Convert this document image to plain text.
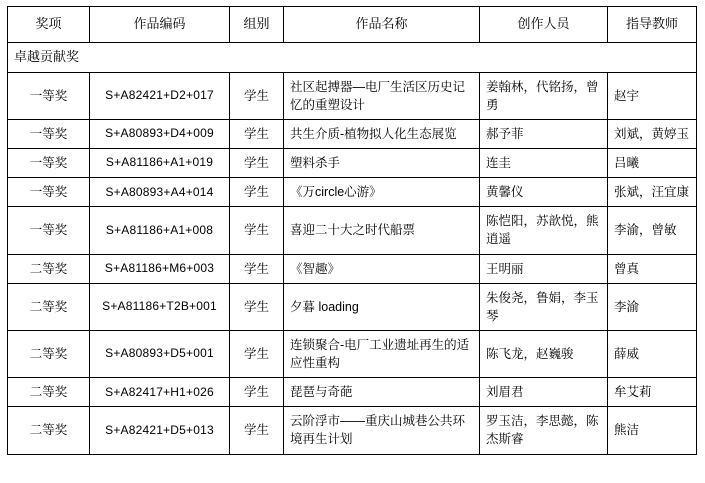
奖项	作品编码	组别	作品名称	创作人员	指导教师
卓越贡献奖					
一等奖	S+A82421+D2+017	学生	社区起搏器—电厂生活区历史记忆的重塑设计	姜翰林，代铭扬，曾勇	赵宇
一等奖	S+A80893+D4+009	学生	共生介质-植物拟人化生态展览	郝予菲	刘斌，黄婷玉
一等奖	S+A81186+A1+019	学生	塑料杀手	连圭	吕曦
一等奖	S+A80893+A4+014	学生	《万circle心游》	黄馨仪	张斌，汪宜康
一等奖	S+A81186+A1+008	学生	喜迎二十大之时代船票	陈恺阳，苏歆悦，熊逍遥	李渝，曾敏
二等奖	S+A81186+M6+003	学生	《智趣》	王明丽	曾真
二等奖	S+A81186+T2B+001	学生	夕暮 loading	朱俊尧，鲁娟，李玉琴	李渝
二等奖	S+A80893+D5+001	学生	连锁聚合-电厂工业遗址再生的适应性重构	陈飞龙，赵巍骏	薛威
二等奖	S+A82417+H1+026	学生	琵琶与奇葩	刘眉君	牟艾莉
二等奖	S+A82421+D5+013	学生	云阶浮市——重庆山城巷公共环境再生计划	罗玉洁，李思懿，陈杰斯睿	熊洁
